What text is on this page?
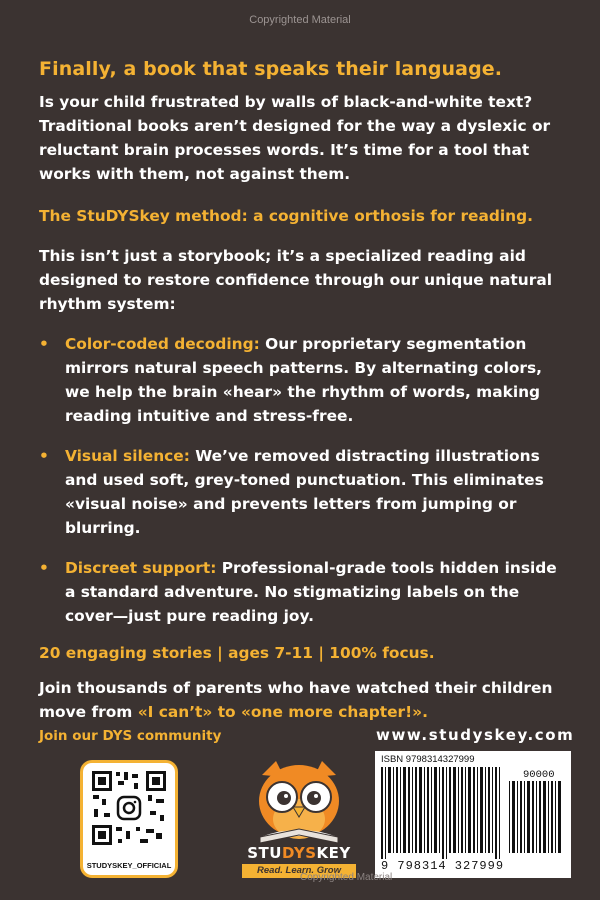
Copyrighted Material
Finally, a book that speaks their language.

Is your child frustrated by walls of black-and-white text? Traditional books aren’t designed for the way a dyslexic or reluctant brain processes words. It’s time for a tool that works with them, not against them.

The StuDYSkey method: a cognitive orthosis for reading.

This isn’t just a storybook; it’s a specialized reading aid designed to restore confidence through our unique natural rhythm system:

• Color-coded decoding: Our proprietary segmentation mirrors natural speech patterns. By alternating colors, we help the brain «hear» the rhythm of words, making reading intuitive and stress-free.
• Visual silence: We’ve removed distracting illustrations and used soft, grey-toned punctuation. This eliminates «visual noise» and prevents letters from jumping or blurring.
• Discreet support: Professional-grade tools hidden inside a standard adventure. No stigmatizing labels on the cover—just pure reading joy.
20 engaging stories | ages 7-11 | 100% focus.

Join thousands of parents who have watched their children move from «I can’t» to «one more chapter!».

Join our DYS community	www.studyskey.com
STUDYSKEY_OFFICIAL
STUDYSKEY
Read. Learn. Grow
ISBN 9798314327999
90000
9 798314 327999
Copyrighted Material
